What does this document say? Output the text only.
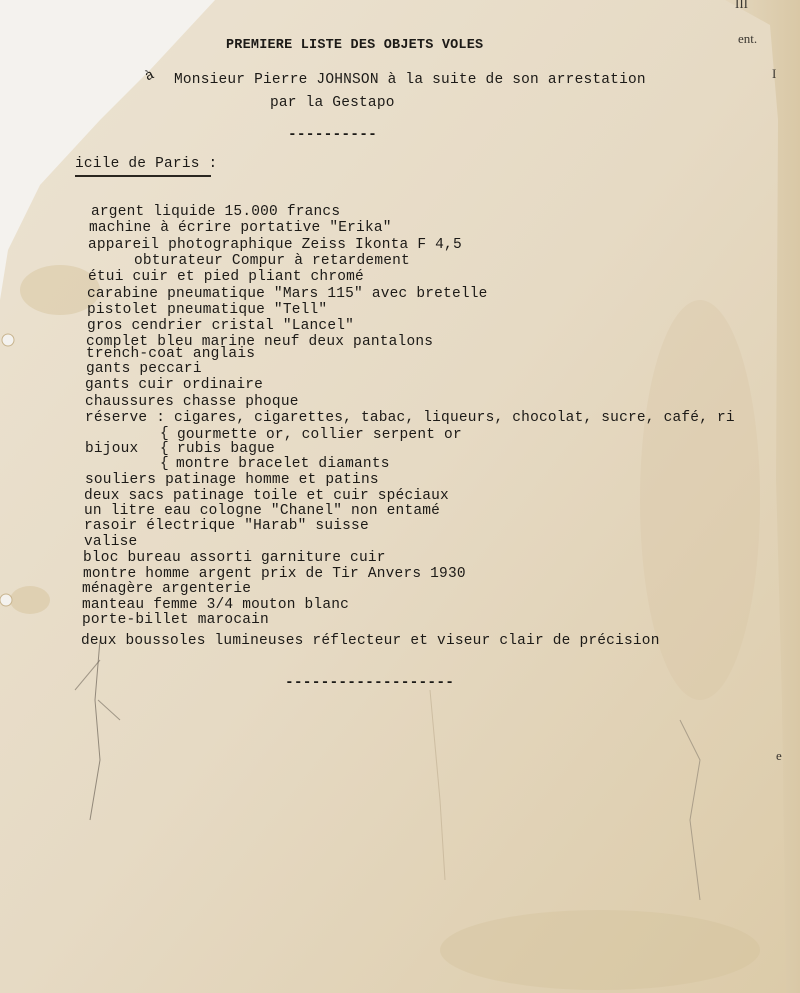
III
ent.
I
e

PREMIERE LISTE DES OBJETS VOLES

à Monsieur Pierre JOHNSON à la suite de son arrestation

par la Gestapo

----------

icile de Paris :

argent liquide 15.000 francs

machine à écrire portative "Erika"

appareil photographique Zeiss Ikonta F 4,5

obturateur Compur à retardement

étui cuir et pied pliant chromé

carabine pneumatique "Mars 115" avec bretelle

pistolet pneumatique "Tell"

gros cendrier cristal "Lancel"

complet bleu marine neuf deux pantalons

trench-coat anglais

gants peccari

gants cuir ordinaire

chaussures chasse phoque

réserve : cigares, cigarettes, tabac, liqueurs, chocolat, sucre, café, ri

{ gourmette or, collier serpent or

bijoux { rubis bague

{ montre bracelet diamants

souliers patinage homme et patins

deux sacs patinage toile et cuir spéciaux

un litre eau cologne "Chanel" non entamé

rasoir électrique "Harab" suisse

valise

bloc bureau assorti garniture cuir

montre homme argent prix de Tir Anvers 1930

ménagère argenterie

manteau femme 3/4 mouton blanc

porte-billet marocain

deux boussoles lumineuses réflecteur et viseur clair de précision

-------------------
